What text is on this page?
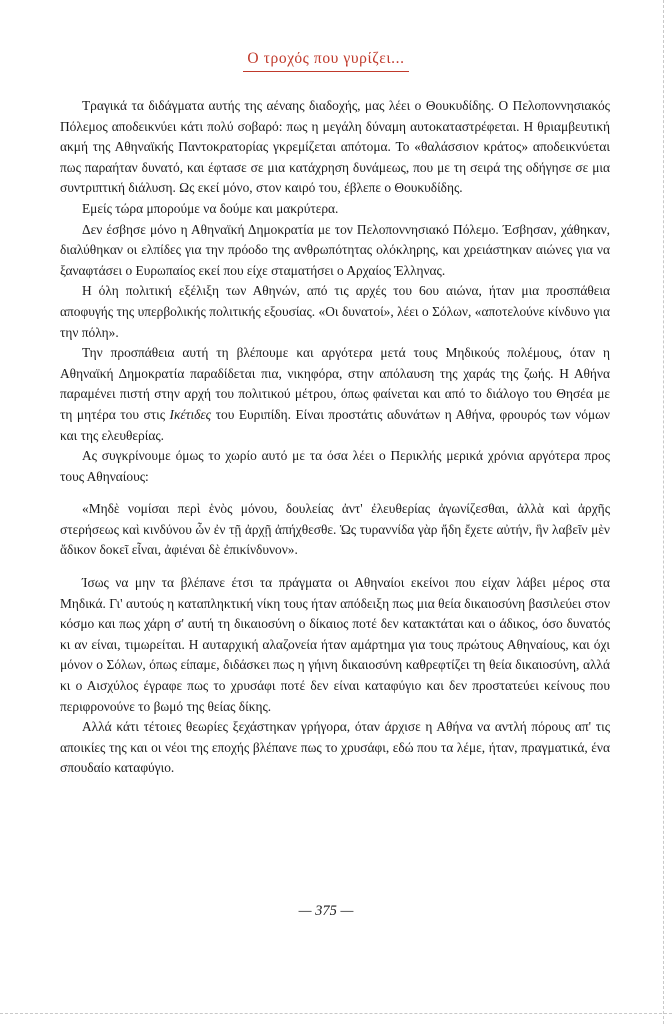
Ο τροχός που γυρίζει...

Τραγικά τα διδάγματα αυτής της αέναης διαδοχής, μας λέει ο Θουκυδίδης. Ο Πελοποννησιακός Πόλεμος αποδεικνύει κάτι πολύ σοβαρό: πως η μεγάλη δύναμη αυτοκαταστρέφεται. Η θριαμβευτική ακμή της Αθηναϊκής Παντοκρατορίας γκρεμίζεται απότομα. Το «θαλάσσιον κράτος» αποδεικνύεται πως παραήταν δυνατό, και έφτασε σε μια κατάχρηση δυνάμεως, που με τη σειρά της οδήγησε σε μια συντριπτική διάλυση. Ως εκεί μόνο, στον καιρό του, έβλεπε ο Θουκυδίδης.

Εμείς τώρα μπορούμε να δούμε και μακρύτερα.

Δεν έσβησε μόνο η Αθηναϊκή Δημοκρατία με τον Πελοποννησιακό Πόλεμο. Έσβησαν, χάθηκαν, διαλύθηκαν οι ελπίδες για την πρόοδο της ανθρωπότητας ολόκληρης, και χρειάστηκαν αιώνες για να ξαναφτάσει ο Ευρωπαίος εκεί που είχε σταματήσει ο Αρχαίος Έλληνας.

Η όλη πολιτική εξέλιξη των Αθηνών, από τις αρχές του 6ου αιώνα, ήταν μια προσπάθεια αποφυγής της υπερβολικής πολιτικής εξουσίας. «Οι δυνατοί», λέει ο Σόλων, «αποτελούνε κίνδυνο για την πόλη».

Την προσπάθεια αυτή τη βλέπουμε και αργότερα μετά τους Μηδικούς πολέμους, όταν η Αθηναϊκή Δημοκρατία παραδίδεται πια, νικηφόρα, στην απόλαυση της χαράς της ζωής. Η Αθήνα παραμένει πιστή στην αρχή του πολιτικού μέτρου, όπως φαίνεται και από το διάλογο του Θησέα με τη μητέρα του στις Ικέτιδες του Ευριπίδη. Είναι προστάτις αδυνάτων η Αθήνα, φρουρός των νόμων και της ελευθερίας.

Ας συγκρίνουμε όμως το χωρίο αυτό με τα όσα λέει ο Περικλής μερικά χρόνια αργότερα προς τους Αθηναίους:

«Μηδὲ νομίσαι περὶ ἑνὸς μόνου, δουλείας ἀντ' ἐλευθερίας ἀγωνίζεσθαι, ἀλλὰ καὶ ἀρχῆς στερήσεως καὶ κινδύνου ὧν ἐν τῇ ἀρχῇ ἀπήχθεσθε. Ὡς τυραννίδα γὰρ ἤδη ἔχετε αὐτήν, ἣν λαβεῖν μὲν ἄδικον δοκεῖ εἶναι, ἀφιέναι δὲ ἐπικίνδυνον».

Ίσως να μην τα βλέπανε έτσι τα πράγματα οι Αθηναίοι εκείνοι που είχαν λάβει μέρος στα Μηδικά. Γι' αυτούς η καταπληκτική νίκη τους ήταν απόδειξη πως μια θεία δικαιοσύνη βασιλεύει στον κόσμο και πως χάρη σ' αυτή τη δικαιοσύνη ο δίκαιος ποτέ δεν κατακτάται και ο άδικος, όσο δυνατός κι αν είναι, τιμωρείται. Η αυταρχική αλαζονεία ήταν αμάρτημα για τους πρώτους Αθηναίους, και όχι μόνον ο Σόλων, όπως είπαμε, διδάσκει πως η γήινη δικαιοσύνη καθρεφτίζει τη θεία δικαιοσύνη, αλλά κι ο Αισχύλος έγραφε πως το χρυσάφι ποτέ δεν είναι καταφύγιο και δεν προστατεύει κείνους που περιφρονούνε το βωμό της θείας δίκης.

Αλλά κάτι τέτοιες θεωρίες ξεχάστηκαν γρήγορα, όταν άρχισε η Αθήνα να αντλή πόρους απ' τις αποικίες της και οι νέοι της εποχής βλέπανε πως το χρυσάφι, εδώ που τα λέμε, ήταν, πραγματικά, ένα σπουδαίο καταφύγιο.

— 375 —
